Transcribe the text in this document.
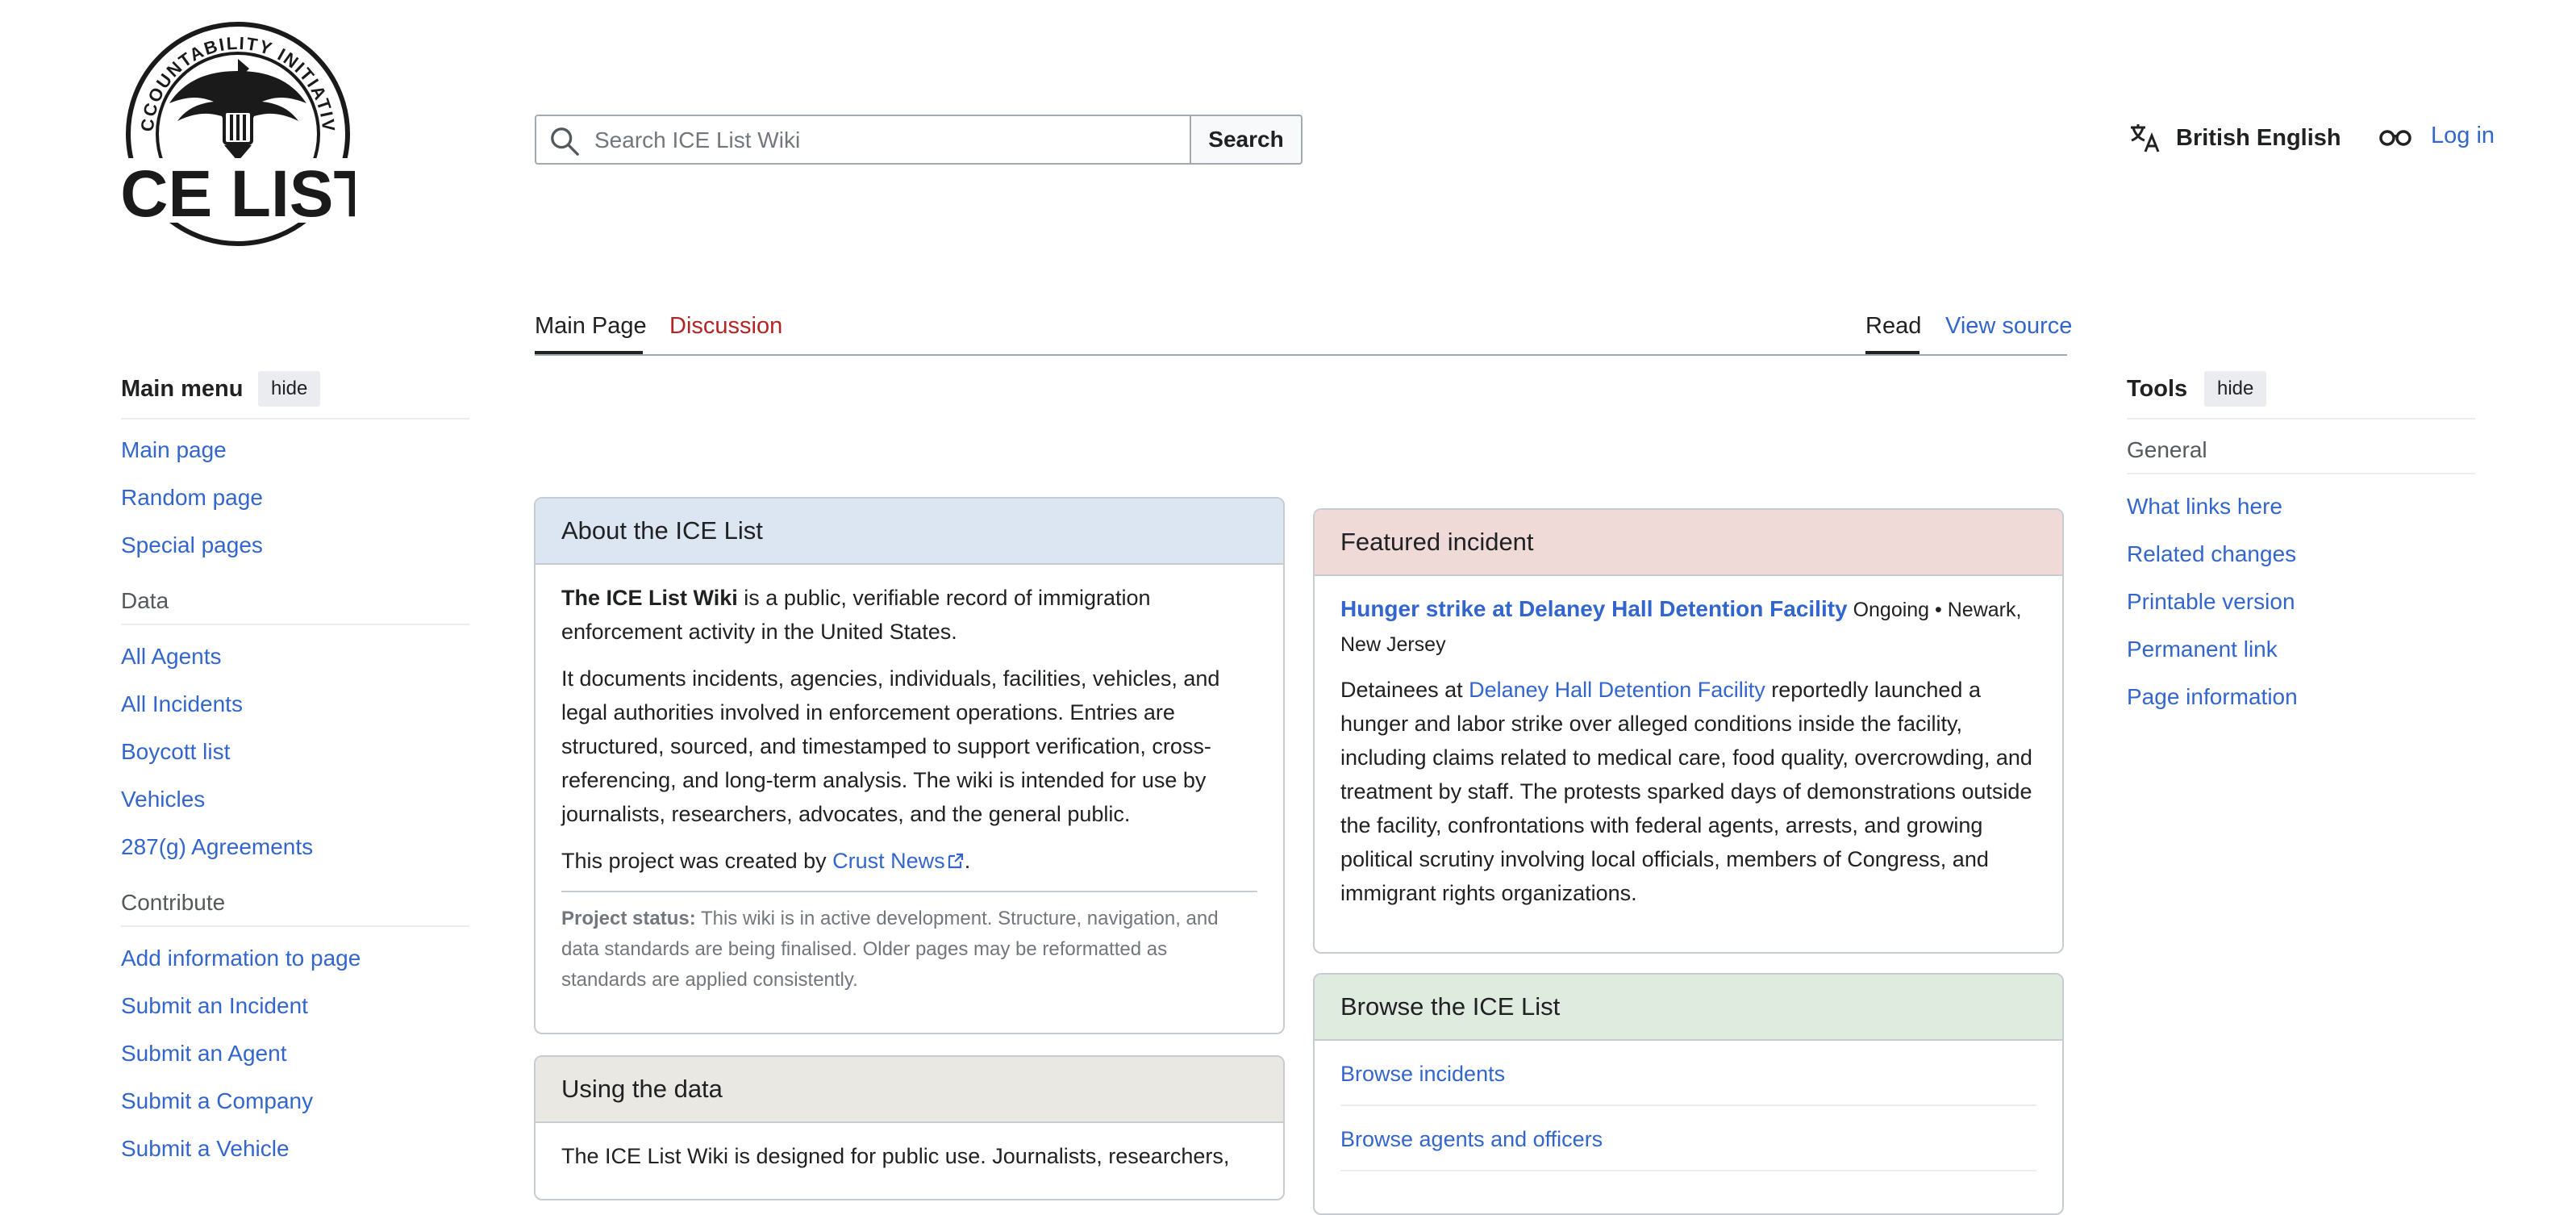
CCOUNTABILITY INITIATIV
CE LIST
Search ICE List Wiki
Search	British English	Log in
Main Page Discussion	Read View source
Main menu	hide
Main page
Random page
Special pages
Data
All Agents
All Incidents
Boycott list
Vehicles
287(g) Agreements
Contribute
Add information to page
Submit an Incident
Submit an Agent
Submit a Company
Submit a Vehicle
Tools	hide
General
What links here
Related changes
Printable version
Permanent link
Page information
About the ICE List

The ICE List Wiki is a public, verifiable record of immigration enforcement activity in the United States.

It documents incidents, agencies, individuals, facilities, vehicles, and legal authorities involved in enforcement operations. Entries are structured, sourced, and timestamped to support verification, cross-referencing, and long-term analysis. The wiki is intended for use by journalists, researchers, advocates, and the general public.

This project was created by Crust News .

Project status: This wiki is in active development. Structure, navigation, and data standards are being finalised. Older pages may be reformatted as standards are applied consistently.
Using the data
The ICE List Wiki is designed for public use. Journalists, researchers,
Featured incident

Hunger strike at Delaney Hall Detention Facility Ongoing • Newark, New Jersey

Detainees at Delaney Hall Detention Facility reportedly launched a hunger and labor strike over alleged conditions inside the facility, including claims related to medical care, food quality, overcrowding, and treatment by staff. The protests sparked days of demonstrations outside the facility, confrontations with federal agents, arrests, and growing political scrutiny involving local officials, members of Congress, and immigrant rights organizations.

Browse the ICE List
Browse incidents
Browse agents and officers
